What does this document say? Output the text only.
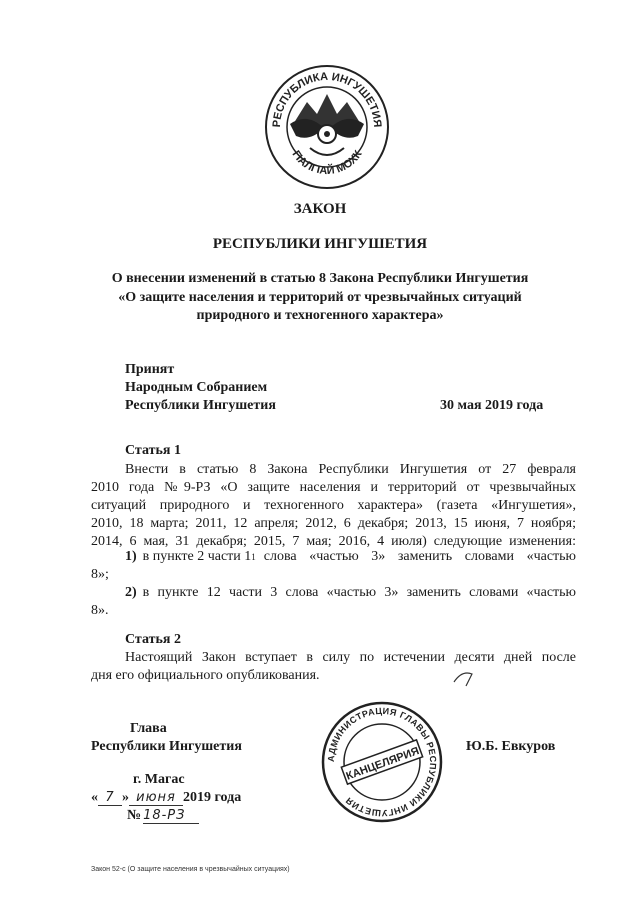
РЕСПУБЛИКА ИНГУШЕТИЯ
ГIАЛГIАЙ МОХК
ЗАКОН
РЕСПУБЛИКИ ИНГУШЕТИЯ
О внесении изменений в статью 8 Закона Республики Ингушетия
«О защите населения и территорий от чрезвычайных ситуаций
природного и техногенного характера»
Принят
Народным Собранием
Республики Ингушетия	30 мая 2019 года
Статья 1
Внести в статью 8 Закона Республики Ингушетия от 27 февраля
2010 года №9-РЗ «О защите населения и территорий от чрезвычайных
ситуаций природного и техногенного характера» (газета «Ингушетия»,
2010, 18 марта; 2011, 12 апреля; 2012, 6 декабря; 2013, 15 июня, 7 ноября;
2014, 6 мая, 31 декабря; 2015, 7 мая; 2016, 4 июля) следующие изменения:
1) в пункте 2 части 1 1 слова «частью 3» заменить словами «частью
8»;
2) в пункте 12 части 3 слова «частью 3» заменить словами «частью
8».
Статья 2
Настоящий Закон вступает в силу по истечении десяти дней после
дня его официального опубликования.
Глава
Республики Ингушетия	Ю.Б. Евкуров
г. Магас
« 7 » июня 2019 года
№ 18-РЗ
АДМИНИСТРАЦИЯ ГЛАВЫ РЕСПУБЛИКИ ИНГУШЕТИЯ
КАНЦЕЛЯРИЯ
Закон 52-с (О защите населения в чрезвычайных ситуациях)
